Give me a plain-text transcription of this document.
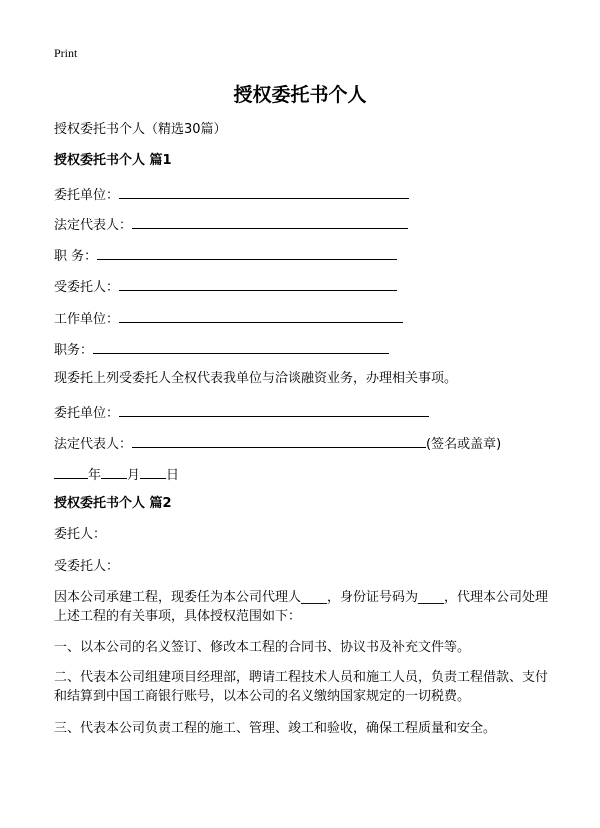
Print
授权委托书个人
授权委托书个人（精选30篇）
授权委托书个人 篇1
委托单位：
法定代表人：
职 务：
受委托人：
工作单位：
职务：
现委托上列受委托人全权代表我单位与洽谈融资业务，办理相关事项。
委托单位：
法定代表人：	(签名或盖章)
年 月 日
授权委托书个人 篇2
委托人：
受委托人：
因本公司承建工程，现委任为本公司代理人____，身份证号码为____，代理本公司处理上述工程的有关事项，具体授权范围如下：
一、以本公司的名义签订、修改本工程的合同书、协议书及补充文件等。
二、代表本公司组建项目经理部，聘请工程技术人员和施工人员，负责工程借款、支付和结算到中国工商银行账号，以本公司的名义缴纳国家规定的一切税费。
三、代表本公司负责工程的施工、管理、竣工和验收，确保工程质量和安全。
